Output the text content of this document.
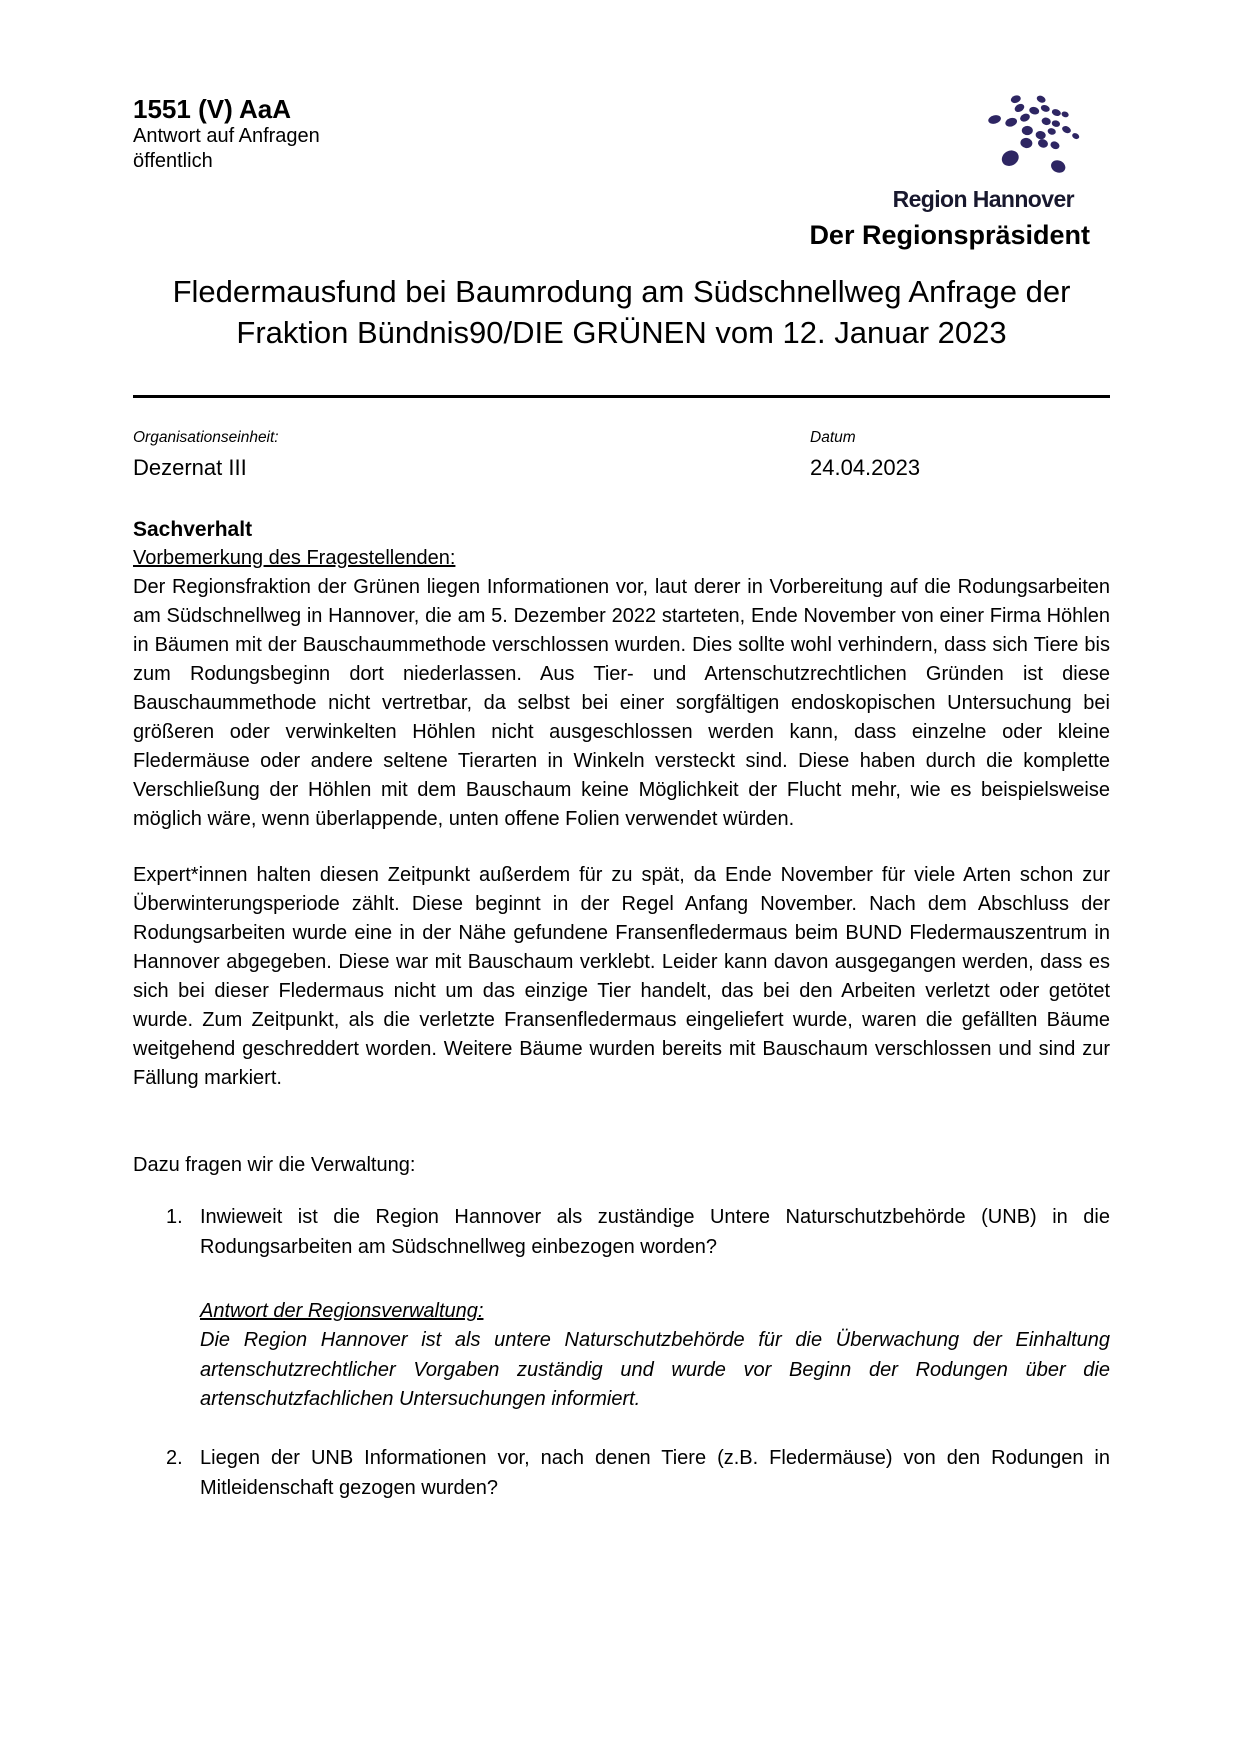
1551 (V) AaA
Antwort auf Anfragen
öffentlich
Region Hannover
Der Regionspräsident
Fledermausfund bei Baumrodung am Südschnellweg Anfrage der Fraktion Bündnis90/DIE GRÜNEN vom 12. Januar 2023
Organisationseinheit:
Dezernat III
Datum
24.04.2023
Sachverhalt
Vorbemerkung des Fragestellenden:

Der Regionsfraktion der Grünen liegen Informationen vor, laut derer in Vorbereitung auf die Rodungsarbeiten am Südschnellweg in Hannover, die am 5. Dezember 2022 starteten, Ende November von einer Firma Höhlen in Bäumen mit der Bauschaummethode verschlossen wurden. Dies sollte wohl verhindern, dass sich Tiere bis zum Rodungsbeginn dort niederlassen. Aus Tier- und Artenschutzrechtlichen Gründen ist diese Bauschaummethode nicht vertretbar, da selbst bei einer sorgfältigen endoskopischen Untersuchung bei größeren oder verwinkelten Höhlen nicht ausgeschlossen werden kann, dass einzelne oder kleine Fledermäuse oder andere seltene Tierarten in Winkeln versteckt sind. Diese haben durch die komplette Verschließung der Höhlen mit dem Bauschaum keine Möglichkeit der Flucht mehr, wie es beispielsweise möglich wäre, wenn überlappende, unten offene Folien verwendet würden.

Expert*innen halten diesen Zeitpunkt außerdem für zu spät, da Ende November für viele Arten schon zur Überwinterungsperiode zählt. Diese beginnt in der Regel Anfang November. Nach dem Abschluss der Rodungsarbeiten wurde eine in der Nähe gefundene Fransenfledermaus beim BUND Fledermauszentrum in Hannover abgegeben. Diese war mit Bauschaum verklebt. Leider kann davon ausgegangen werden, dass es sich bei dieser Fledermaus nicht um das einzige Tier handelt, das bei den Arbeiten verletzt oder getötet wurde. Zum Zeitpunkt, als die verletzte Fransenfledermaus eingeliefert wurde, waren die gefällten Bäume weitgehend geschreddert worden. Weitere Bäume wurden bereits mit Bauschaum verschlossen und sind zur Fällung markiert.

Dazu fragen wir die Verwaltung:
1. Inwieweit ist die Region Hannover als zuständige Untere Naturschutzbehörde (UNB) in die Rodungsarbeiten am Südschnellweg einbezogen worden?
Antwort der Regionsverwaltung:

Die Region Hannover ist als untere Naturschutzbehörde für die Überwachung der Einhaltung artenschutzrechtlicher Vorgaben zuständig und wurde vor Beginn der Rodungen über die artenschutzfachlichen Untersuchungen informiert.

2. Liegen der UNB Informationen vor, nach denen Tiere (z.B. Fledermäuse) von den Rodungen in Mitleidenschaft gezogen wurden?
